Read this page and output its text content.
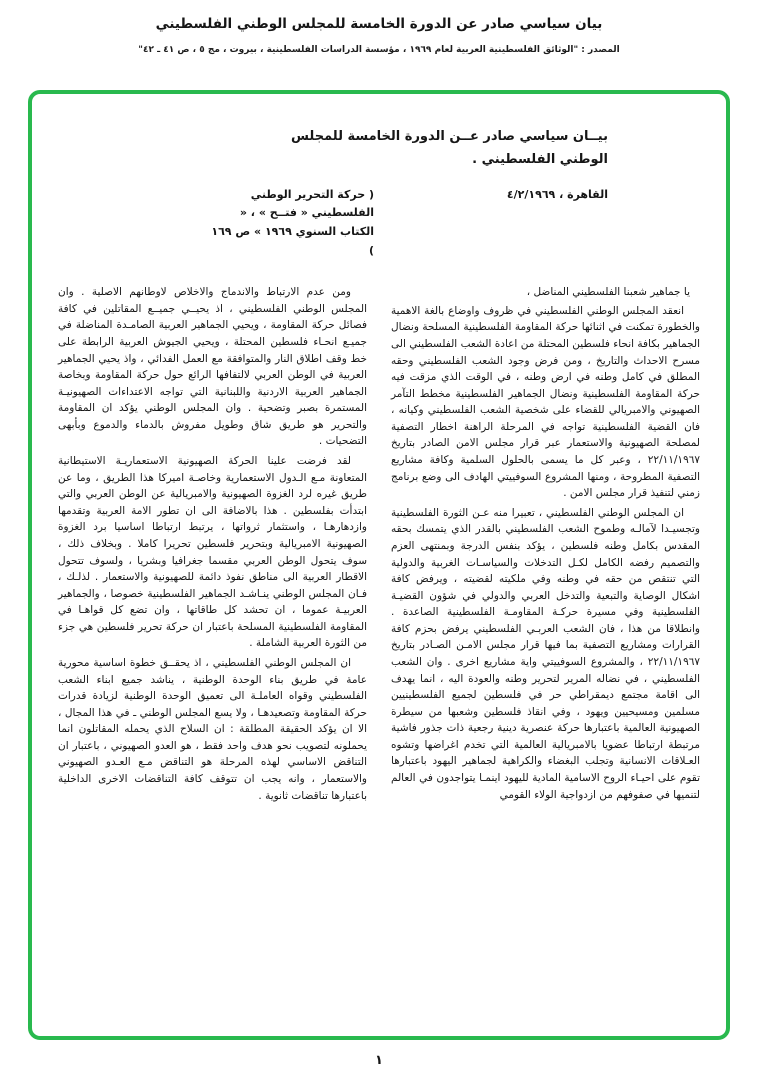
بيان سياسي صادر عن الدورة الخامسة للمجلس الوطني الفلسطيني
المصدر : "الوثائق الفلسطينية العربية لعام ١٩٦٩ ، مؤسسة الدراسات الفلسطينية ، بيروت ، مج ٥ ، ص ٤١ ـ ٤٢"
بيــان سياسي صادر عــن الدورة الخامسة للمجلس
الوطني الفلسطيني .
القاهرة ، ٤/٢/١٩٦٩
( حركة التحرير الوطني الفلسطيني « فتــح » ، « الكتاب السنوي ١٩٦٩ » ص ١٦٩ )

يا جماهير شعبنا الفلسطيني المناضل ،

انعقد المجلس الوطني الفلسطيني في ظروف واوضاع بالغة الاهمية والخطورة تمكنت في اثنائها حركة المقاومة الفلسطينية المسلحة ونضال الجماهير بكافة انحاء فلسطين المحتلة من اعادة الشعب الفلسطيني الى مسرح الاحداث والتاريخ ، ومن فرض وجود الشعب الفلسطيني وحقه المطلق في كامل وطنه في ارض وطنه ، في الوقت الذي مزقت فيه حركة المقاومة الفلسطينية ونضال الجماهير الفلسطينية مخطط التآمر الصهيوني والامبريالي للقضاء على شخصية الشعب الفلسطيني وكيانه ، فان القضية الفلسطينية تواجه في المرحلة الراهنة اخطار التصفية لمصلحة الصهيونية والاستعمار عبر قرار مجلس الامن الصادر بتاريخ ٢٢/١١/١٩٦٧ ، وعبر كل ما يسمى بالحلول السلمية وكافة مشاريع التصفية المطروحة ، ومنها المشروع السوفييتي الهادف الى وضع برنامج زمني لتنفيذ قرار مجلس الامن .

ان المجلس الوطني الفلسطيني ، تعبيرا منه عـن الثورة الفلسطينية وتجسيـدا لآمالـه وطموح الشعب الفلسطيني بالقدر الذي يتمسك بحقه المقدس بكامل وطنه فلسطين ، يؤكد بنفس الدرجة وبمنتهى العزم والتصميم رفضه الكامل لكـل التدخلات والسياسـات الغربية والدولية التي تنتقص من حقه في وطنه وفي ملكيته لقضيته ، ويرفض كافة اشكال الوصاية والتبعية والتدخل العربي والدولي في شؤون القضيـة الفلسطينية وفي مسيرة حركـة المقاومـة الفلسطينية الصاعدة . وانطلاقا من هذا ، فان الشعب العربـي الفلسطيني يرفض بحزم كافة القرارات ومشاريع التصفية بما فيها قرار مجلس الامـن الصـادر بتاريخ ٢٢/١١/١٩٦٧ ، والمشروع السوفييتي واية مشاريع اخرى . وان الشعب الفلسطيني ، في نضاله المرير لتحرير وطنه والعودة اليه ، انما يهدف الى اقامة مجتمع ديمقراطي حر في فلسطين لجميع الفلسطينيين مسلمين ومسيحيين ويهود ، وفي انقاذ فلسطين وشعبها من سيطرة الصهيونية العالمية باعتبارها حركة عنصرية دينية رجعية ذات جذور فاشية مرتبطة ارتباطا عضويا بالامبريالية العالمية التي تخدم اغراضها وتشوه العـلاقات الانسانية وتجلب البغضاء والكراهية لجماهير اليهود باعتبارها تقوم على احيـاء الروح الاسامية المادية لليهود اينمـا يتواجدون في العالم لتنميها في صفوفهم من ازدواجية الولاء القومي

ومن عدم الارتباط والاندماج والاخلاص لاوطانهم الاصلية . وان المجلس الوطني الفلسطيني ، اذ يحيــي جميــع المقاتلين في كافة فصائل حركة المقاومة ، ويحيي الجماهير العربية الصامـدة المناضلة في جميـع انحـاء فلسطين المحتلة ، ويحيي الجيوش العربية الرابطة على خط وقف اطلاق النار والمتوافقة مع العمل الفدائي ، واذ يحيي الجماهير العربية في الوطن العربي لالتفافها الرائع حول حركة المقاومة وبخاصة الجماهير العربية الاردنية واللبنانية التي تواجه الاعتداءات الصهيونيـة المستمرة بصبر وتضحية . وان المجلس الوطني يؤكد ان المقاومة والتحرير هو طريق شاق وطويل مفروش بالدماء والدموع وبأبهى التضحيات .

لقد فرضت علينا الحركة الصهيونية الاستعماريـة الاستيطانية المتعاونة مـع الـدول الاستعمارية وخاصـة اميركا هذا الطريق ، وما عن طريق غيره لرد الغزوة الصهيونية والامبريالية عن الوطن العربي والتي ابتدأت بفلسطين . هذا بالاضافة الى ان تطور الامة العربية وتقدمها وازدهارهـا ، واستثمار ثرواتها ، يرتبط ارتباطا اساسيا برد الغزوة الصهيونية الامبريالية وبتحرير فلسطين تحريرا كاملا . وبخلاف ذلك ، سوف يتحول الوطن العربي مقسما جغرافيا وبشريا ، ولسوف تتحول الاقطار العربية الى مناطق نفوذ دائمة للصهيونية والاستعمار . لذلـك ، فـان المجلس الوطني ينـاشـد الجماهير الفلسطينية خصوصا ، والجماهير العربيـة عموما ، ان تحشد كل طاقاتها ، وان تضع كل قواهـا في المقاومة الفلسطينية المسلحة باعتبار ان حركة تحرير فلسطين هي جزء من الثورة العربية الشاملة .

ان المجلس الوطني الفلسطيني ، اذ يحقــق خطوة اساسية محورية عامة في طريق بناء الوحدة الوطنية ، يناشد جميع ابناء الشعب الفلسطيني وقواه العاملـة الى تعميق الوحدة الوطنية لزيادة قدرات حركة المقاومة وتصعيدهـا ، ولا يسع المجلس الوطني ـ في هذا المجال ، الا ان يؤكد الحقيقة المطلقة : ان السلاح الذي يحمله المقاتلون انما يحملونه لتصويب نحو هدف واحد فقط ، هو العدو الصهيوني ، باعتبار ان التناقض الاساسي لهذه المرحلة هو التناقض مـع العـدو الصهيوني والاستعمار ، وانه يجب ان تتوقف كافة التناقضات الاخرى الداخلية باعتبارها تناقضات ثانوية .

١
